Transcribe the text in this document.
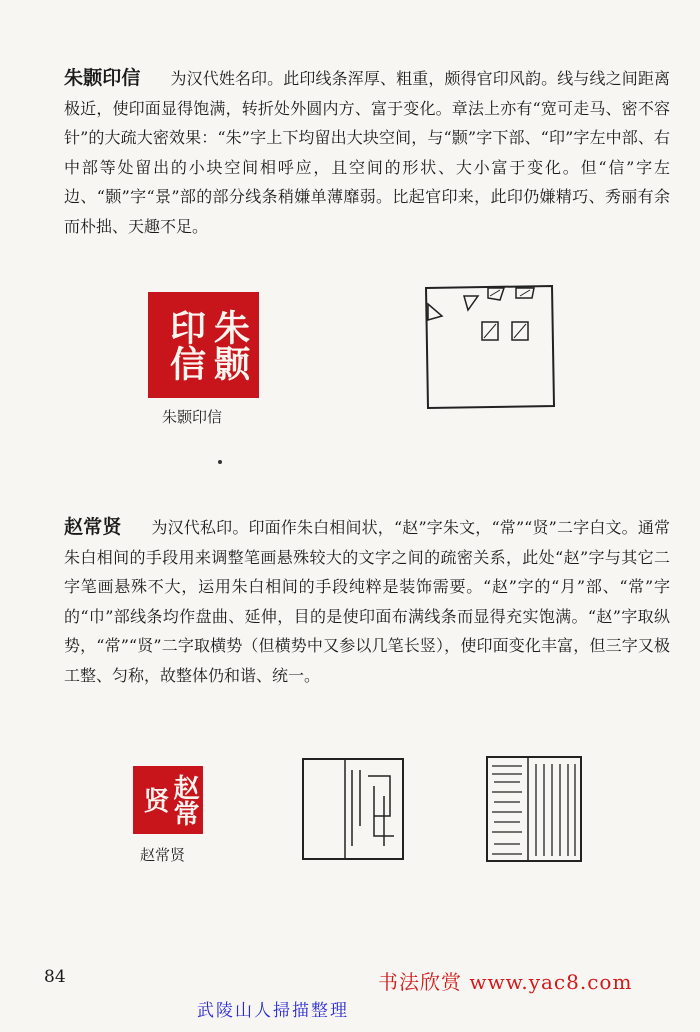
朱颢印信 为汉代姓名印。此印线条浑厚、粗重，颇得官印风韵。线与线之间距离极近，使印面显得饱满，转折处外圆内方、富于变化。章法上亦有“宽可走马、密不容针”的大疏大密效果：“朱”字上下均留出大块空间，与“颢”字下部、“印”字左中部、右中部等处留出的小块空间相呼应，且空间的形状、大小富于变化。但“信”字左边、“颢”字“景”部的部分线条稍嫌单薄靡弱。比起官印来，此印仍嫌精巧、秀丽有余而朴拙、天趣不足。

朱颢印信
朱颢印信

赵常贤 为汉代私印。印面作朱白相间状，“赵”字朱文，“常”“贤”二字白文。通常朱白相间的手段用来调整笔画悬殊较大的文字之间的疏密关系，此处“赵”字与其它二字笔画悬殊不大，运用朱白相间的手段纯粹是装饰需要。“赵”字的“月”部、“常”字的“巾”部线条均作盘曲、延伸，目的是使印面布满线条而显得充实饱满。“赵”字取纵势，“常”“贤”二字取横势（但横势中又参以几笔长竖），使印面变化丰富，但三字又极工整、匀称，故整体仍和谐、统一。

赵常贤
赵常贤
84	书法欣赏 www.yac8.com
武陵山人掃描整理
